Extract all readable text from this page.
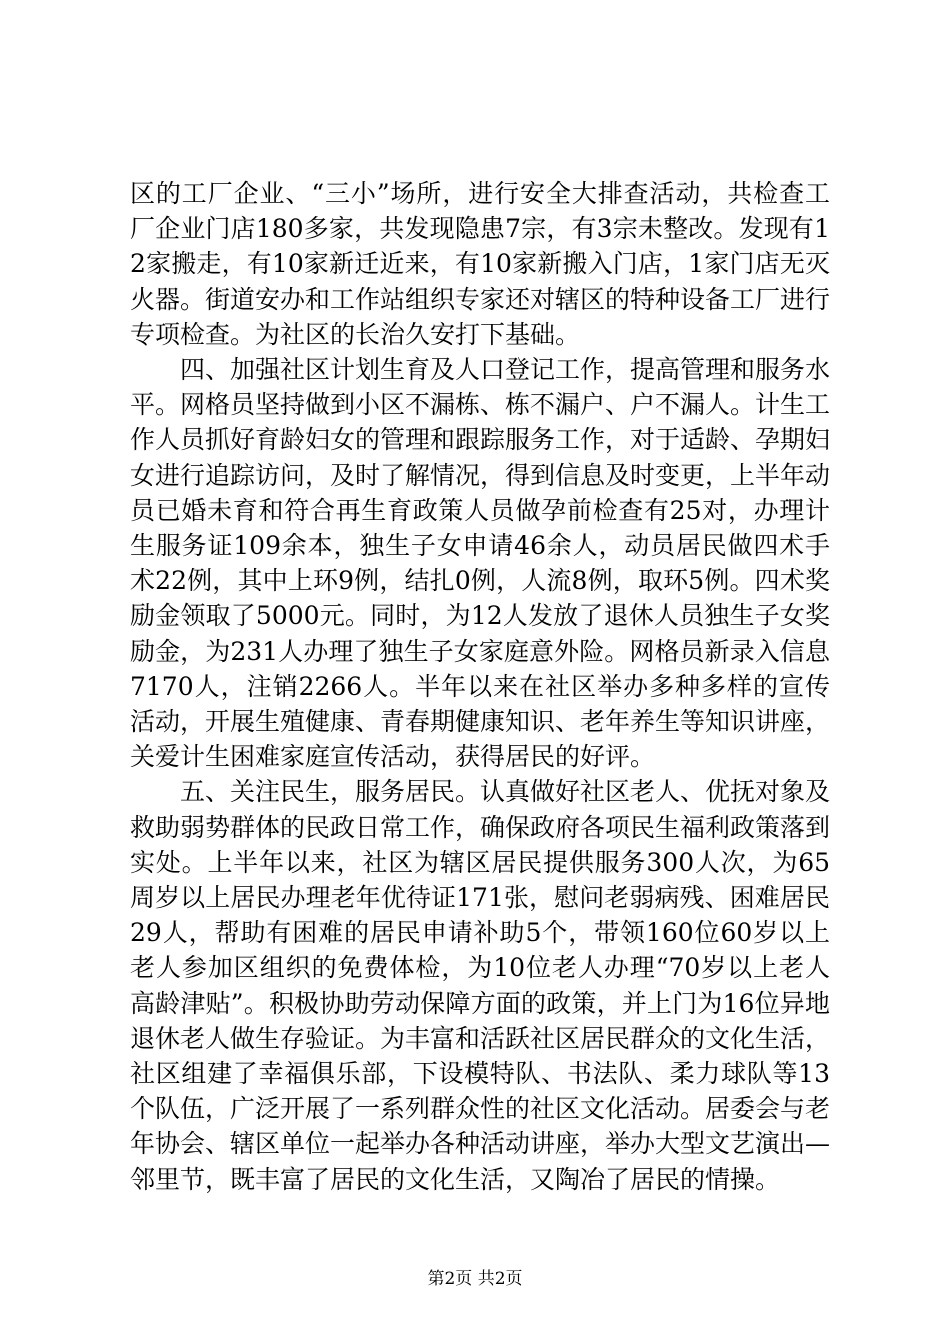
区的工厂企业、“三小”场所，进行安全大排查活动，共检查工厂企业门店180多家，共发现隐患7宗，有3宗未整改。发现有12家搬走，有10家新迁近来，有10家新搬入门店，1家门店无灭火器。街道安办和工作站组织专家还对辖区的特种设备工厂进行专项检查。为社区的长治久安打下基础。

四、加强社区计划生育及人口登记工作，提高管理和服务水平。网格员坚持做到小区不漏栋、栋不漏户、户不漏人。计生工作人员抓好育龄妇女的管理和跟踪服务工作，对于适龄、孕期妇女进行追踪访问，及时了解情况，得到信息及时变更，上半年动员已婚未育和符合再生育政策人员做孕前检查有25对，办理计生服务证109余本，独生子女申请46余人，动员居民做四术手术22例，其中上环9例，结扎0例，人流8例，取环5例。四术奖励金领取了5000元。同时，为12人发放了退休人员独生子女奖励金，为231人办理了独生子女家庭意外险。网格员新录入信息7170人，注销2266人。半年以来在社区举办多种多样的宣传活动，开展生殖健康、青春期健康知识、老年养生等知识讲座，关爱计生困难家庭宣传活动，获得居民的好评。

五、关注民生，服务居民。认真做好社区老人、优抚对象及救助弱势群体的民政日常工作，确保政府各项民生福利政策落到实处。上半年以来，社区为辖区居民提供服务300人次，为65周岁以上居民办理老年优待证171张，慰问老弱病残、困难居民29人，帮助有困难的居民申请补助5个，带领160位60岁以上老人参加区组织的免费体检，为10位老人办理“70岁以上老人高龄津贴”。积极协助劳动保障方面的政策，并上门为16位异地退休老人做生存验证。为丰富和活跃社区居民群众的文化生活，社区组建了幸福俱乐部，下设模特队、书法队、柔力球队等13个队伍，广泛开展了一系列群众性的社区文化活动。居委会与老年协会、辖区单位一起举办各种活动讲座，举办大型文艺演出—邻里节，既丰富了居民的文化生活，又陶冶了居民的情操。

第2页 共2页
